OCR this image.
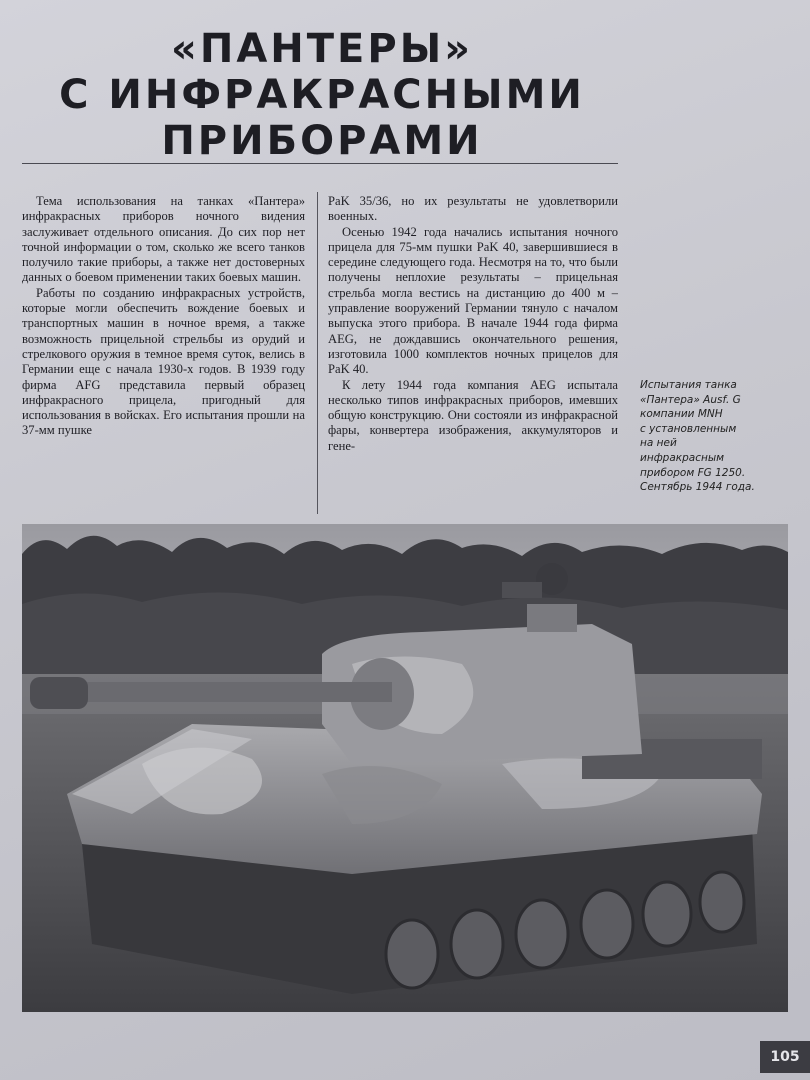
«ПАНТЕРЫ»
С ИНФРАКРАСНЫМИ
ПРИБОРАМИ

Тема использования на танках «Пантера» инфракрасных приборов ночного видения заслуживает отдельного описания. До сих пор нет точной информации о том, сколько же всего танков получило такие приборы, а также нет достоверных данных о боевом применении таких боевых машин.

Работы по созданию инфракрасных устройств, которые могли обеспечить вождение боевых и транспортных машин в ночное время, а также возможность прицельной стрельбы из орудий и стрелкового оружия в темное время суток, велись в Германии еще с начала 1930-х годов. В 1939 году фирма AFG представила первый образец инфракрасного прицела, пригодный для использования в войсках. Его испытания прошли на 37-мм пушке

PaK 35/36, но их результаты не удовлетворили военных.

Осенью 1942 года начались испытания ночного прицела для 75-мм пушки PaK 40, завершившиеся в середине следующего года. Несмотря на то, что были получены неплохие результаты – прицельная стрельба могла вестись на дистанцию до 400 м – управление вооружений Германии тянуло с началом выпуска этого прибора. В начале 1944 года фирма AEG, не дождавшись окончательного решения, изготовила 1000 комплектов ночных прицелов для PaK 40.

К лету 1944 года компания AEG испытала несколько типов инфракрасных приборов, имевших общую конструкцию. Они состояли из инфракрасной фары, конвертера изображения, аккумуляторов и гене-

Испытания танка
«Пантера» Ausf. G
компании MNH
с установленным
на ней
инфракрасным
прибором FG 1250.
Сентябрь 1944 года.
105
